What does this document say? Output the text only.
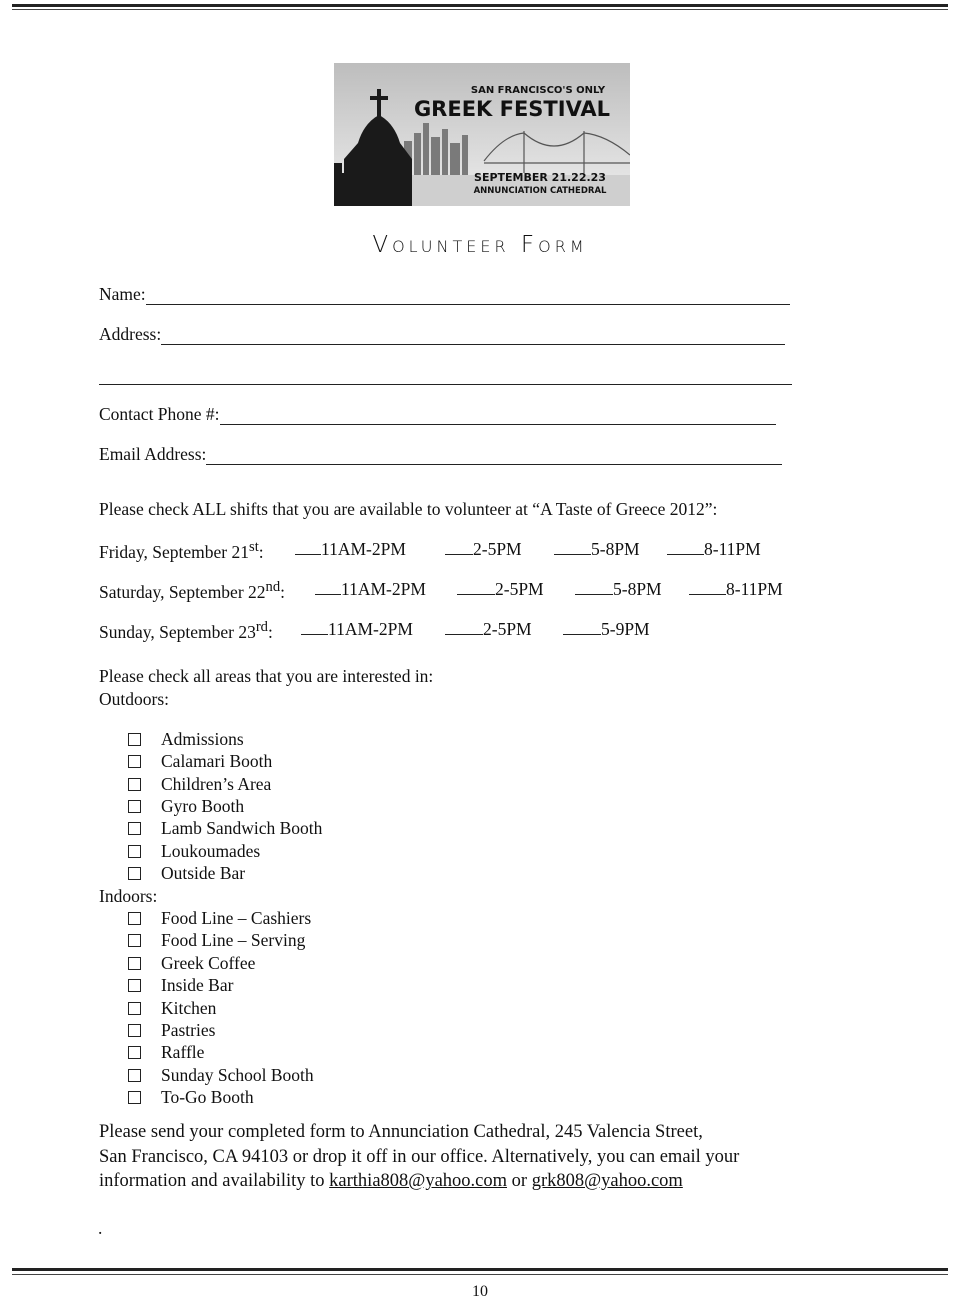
SAN FRANCISCO'S ONLY
GREEK FESTIVAL
SEPTEMBER 21.22.23
ANNUNCIATION CATHEDRAL
Volunteer Form
Name:
Address:
Contact Phone #:
Email Address:
Please check ALL shifts that you are available to volunteer at “A Taste of Greece 2012”:
Friday, September 21st:	11AM-2PM	2-5PM	5-8PM	8-11PM
Saturday, September 22nd:	11AM-2PM	2-5PM	5-8PM	8-11PM
Sunday, September 23rd:	11AM-2PM	2-5PM	5-9PM
Please check all areas that you are interested in:
Outdoors:
Admissions
Calamari Booth
Children’s Area
Gyro Booth
Lamb Sandwich Booth
Loukoumades
Outside Bar
Indoors:
Food Line – Cashiers
Food Line – Serving
Greek Coffee
Inside Bar
Kitchen
Pastries
Raffle
Sunday School Booth
To-Go Booth
Please send your completed form to Annunciation Cathedral, 245 Valencia Street,
San Francisco, CA 94103 or drop it off in our office. Alternatively, you can email your
information and availability to karthia808@yahoo.com or grk808@yahoo.com
.
10
